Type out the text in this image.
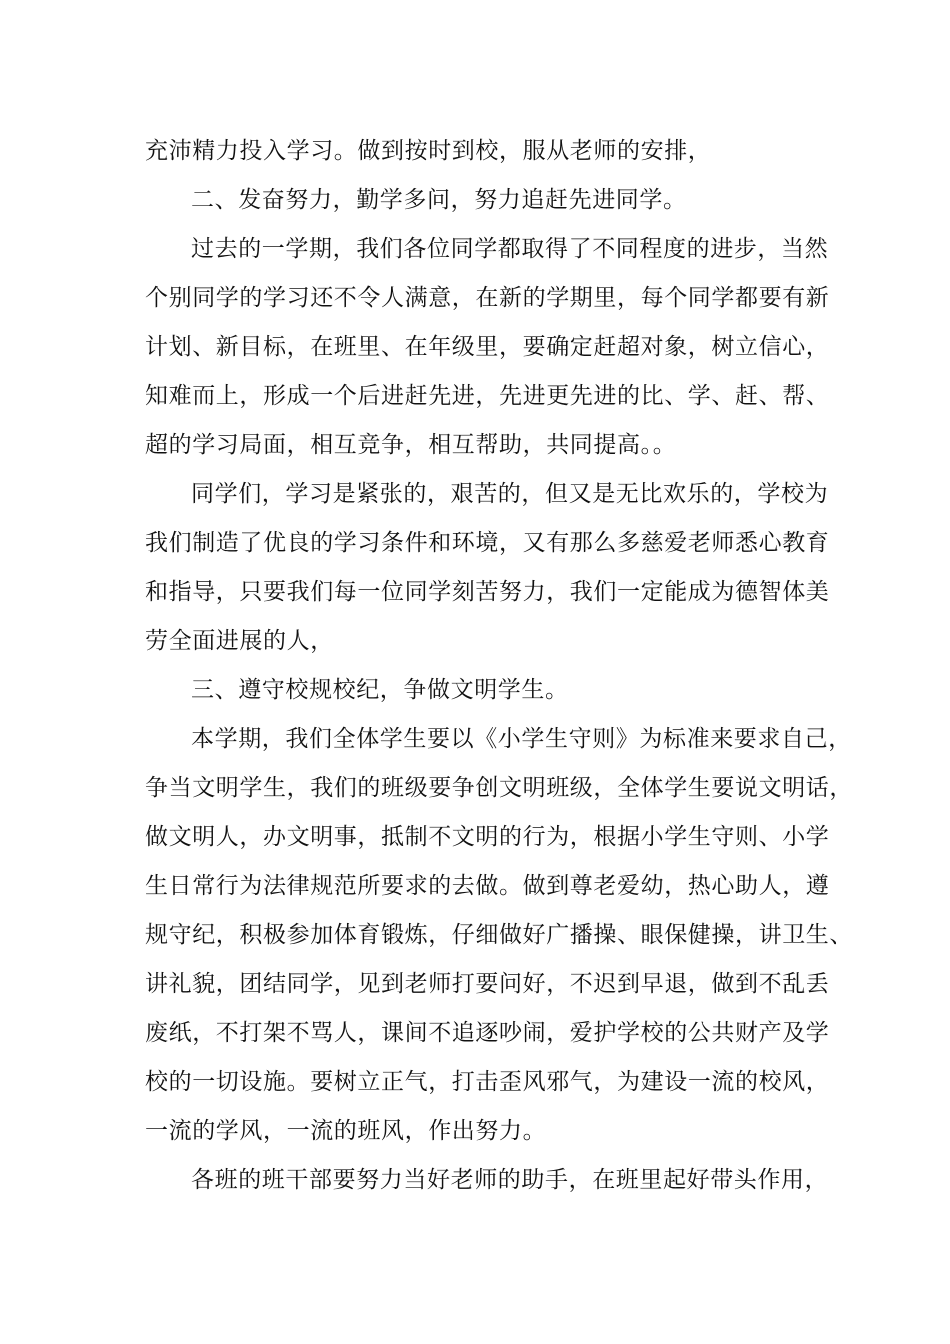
充沛精力投入学习。做到按时到校，服从老师的安排，
二、发奋努力，勤学多问，努力追赶先进同学。
过去的一学期，我们各位同学都取得了不同程度的进步，当然
个别同学的学习还不令人满意，在新的学期里，每个同学都要有新
计划、新目标，在班里、在年级里，要确定赶超对象，树立信心，
知难而上，形成一个后进赶先进，先进更先进的比、学、赶、帮、
超的学习局面，相互竞争，相互帮助，共同提高。。
同学们，学习是紧张的，艰苦的，但又是无比欢乐的，学校为
我们制造了优良的学习条件和环境，又有那么多慈爱老师悉心教育
和指导，只要我们每一位同学刻苦努力，我们一定能成为德智体美
劳全面进展的人，
三、遵守校规校纪，争做文明学生。
本学期，我们全体学生要以《小学生守则》为标准来要求自己，
争当文明学生，我们的班级要争创文明班级，全体学生要说文明话，
做文明人，办文明事，抵制不文明的行为，根据小学生守则、小学
生日常行为法律规范所要求的去做。做到尊老爱幼，热心助人，遵
规守纪，积极参加体育锻炼，仔细做好广播操、眼保健操，讲卫生、
讲礼貌，团结同学，见到老师打要问好，不迟到早退，做到不乱丢
废纸，不打架不骂人，课间不追逐吵闹，爱护学校的公共财产及学
校的一切设施。要树立正气，打击歪风邪气，为建设一流的校风，
一流的学风，一流的班风，作出努力。
各班的班干部要努力当好老师的助手，在班里起好带头作用，
